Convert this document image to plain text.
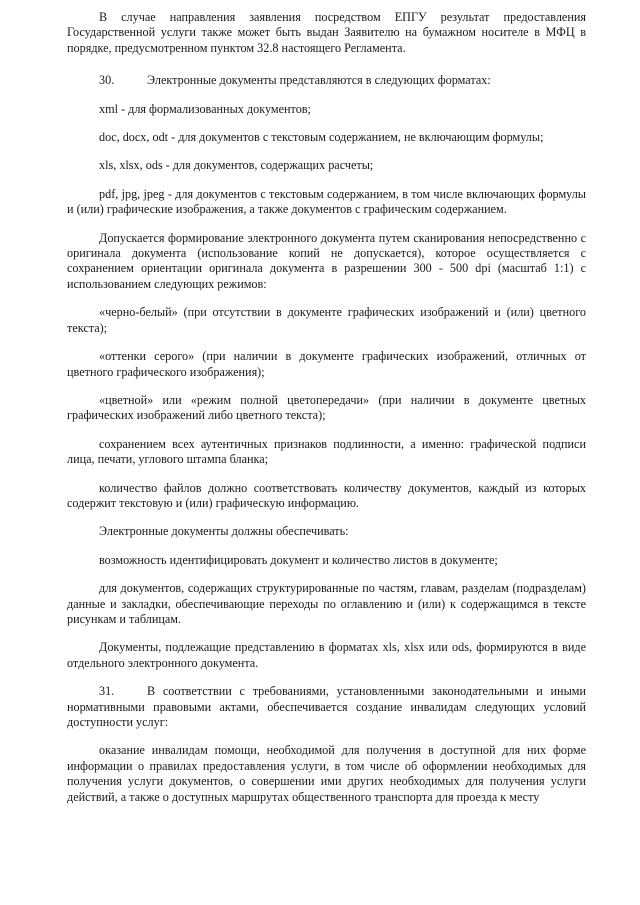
В случае направления заявления посредством ЕПГУ результат предоставления Государственной услуги также может быть выдан Заявителю на бумажном носителе в МФЦ в порядке, предусмотренном пунктом 32.8 настоящего Регламента.

30.	Электронные документы представляются в следующих форматах:

xml - для формализованных документов;

doc, docx, odt - для документов с текстовым содержанием, не включающим формулы;

xls, xlsx, ods - для документов, содержащих расчеты;

pdf, jpg, jpeg - для документов с текстовым содержанием, в том числе включающих формулы и (или) графические изображения, а также документов с графическим содержанием.

Допускается формирование электронного документа путем сканирования непосредственно с оригинала документа (использование копий не допускается), которое осуществляется с сохранением ориентации оригинала документа в разрешении 300 - 500 dpi (масштаб 1:1) с использованием следующих режимов:

«черно-белый» (при отсутствии в документе графических изображений и (или) цветного текста);

«оттенки серого» (при наличии в документе графических изображений, отличных от цветного графического изображения);

«цветной» или «режим полной цветопередачи» (при наличии в документе цветных графических изображений либо цветного текста);

сохранением всех аутентичных признаков подлинности, а именно: графической подписи лица, печати, углового штампа бланка;

количество файлов должно соответствовать количеству документов, каждый из которых содержит текстовую и (или) графическую информацию.

Электронные документы должны обеспечивать:

возможность идентифицировать документ и количество листов в документе;

для документов, содержащих структурированные по частям, главам, разделам (подразделам) данные и закладки, обеспечивающие переходы по оглавлению и (или) к содержащимся в тексте рисункам и таблицам.

Документы, подлежащие представлению в форматах xls, xlsx или ods, формируются в виде отдельного электронного документа.

31.	В соответствии с требованиями, установленными законодательными и иными нормативными правовыми актами, обеспечивается создание инвалидам следующих условий доступности услуг:

оказание инвалидам помощи, необходимой для получения в доступной для них форме информации о правилах предоставления услуги, в том числе об оформлении необходимых для получения услуги документов, о совершении ими других необходимых для получения услуги действий, а также о доступных маршрутах общественного транспорта для проезда к месту
